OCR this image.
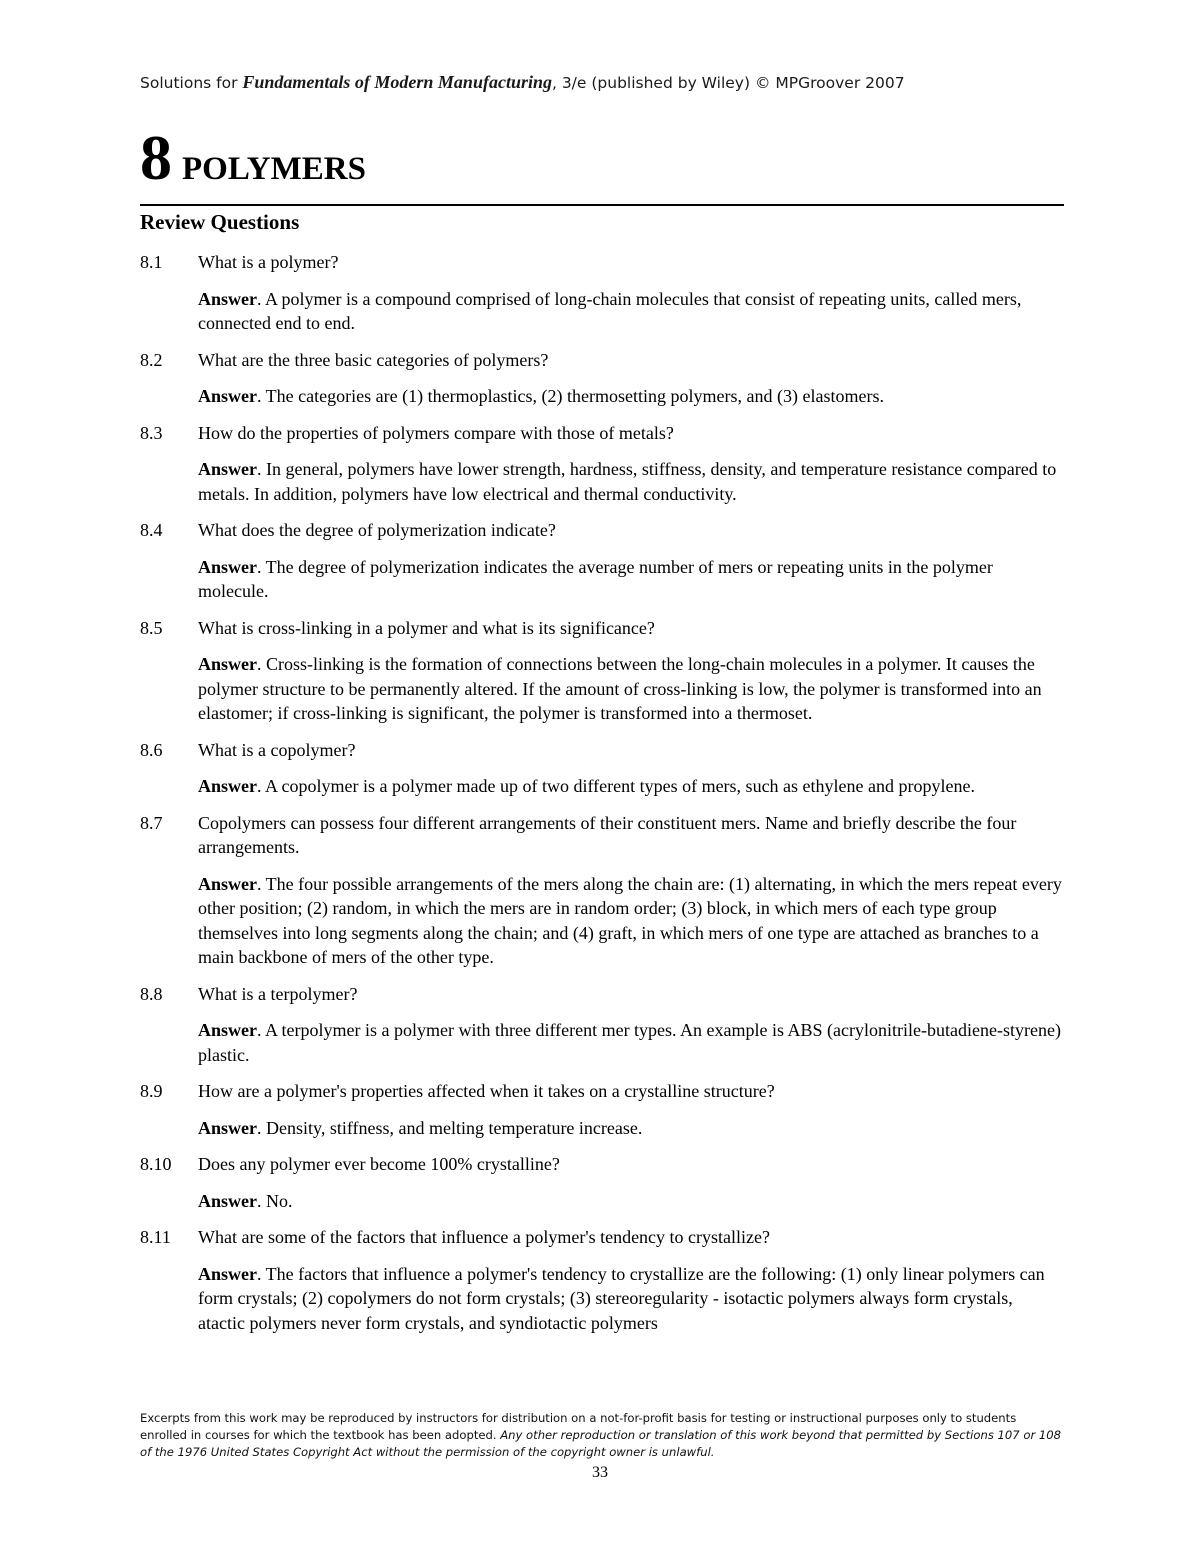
Solutions for Fundamentals of Modern Manufacturing, 3/e (published by Wiley) © MPGroover 2007
8 POLYMERS
Review Questions
8.1	What is a polymer?
Answer. A polymer is a compound comprised of long-chain molecules that consist of repeating units, called mers, connected end to end.
8.2	What are the three basic categories of polymers?
Answer. The categories are (1) thermoplastics, (2) thermosetting polymers, and (3) elastomers.
8.3	How do the properties of polymers compare with those of metals?
Answer. In general, polymers have lower strength, hardness, stiffness, density, and temperature resistance compared to metals. In addition, polymers have low electrical and thermal conductivity.
8.4	What does the degree of polymerization indicate?
Answer. The degree of polymerization indicates the average number of mers or repeating units in the polymer molecule.
8.5	What is cross-linking in a polymer and what is its significance?
Answer. Cross-linking is the formation of connections between the long-chain molecules in a polymer. It causes the polymer structure to be permanently altered. If the amount of cross-linking is low, the polymer is transformed into an elastomer; if cross-linking is significant, the polymer is transformed into a thermoset.
8.6	What is a copolymer?
Answer. A copolymer is a polymer made up of two different types of mers, such as ethylene and propylene.
8.7	Copolymers can possess four different arrangements of their constituent mers. Name and briefly describe the four arrangements.
Answer. The four possible arrangements of the mers along the chain are: (1) alternating, in which the mers repeat every other position; (2) random, in which the mers are in random order; (3) block, in which mers of each type group themselves into long segments along the chain; and (4) graft, in which mers of one type are attached as branches to a main backbone of mers of the other type.
8.8	What is a terpolymer?
Answer. A terpolymer is a polymer with three different mer types. An example is ABS (acrylonitrile-butadiene-styrene) plastic.
8.9	How are a polymer's properties affected when it takes on a crystalline structure?
Answer. Density, stiffness, and melting temperature increase.
8.10	Does any polymer ever become 100% crystalline?
Answer. No.
8.11	What are some of the factors that influence a polymer's tendency to crystallize?
Answer. The factors that influence a polymer's tendency to crystallize are the following: (1) only linear polymers can form crystals; (2) copolymers do not form crystals; (3) stereoregularity - isotactic polymers always form crystals, atactic polymers never form crystals, and syndiotactic polymers
Excerpts from this work may be reproduced by instructors for distribution on a not-for-profit basis for testing or instructional purposes only to students enrolled in courses for which the textbook has been adopted. Any other reproduction or translation of this work beyond that permitted by Sections 107 or 108 of the 1976 United States Copyright Act without the permission of the copyright owner is unlawful.
33
